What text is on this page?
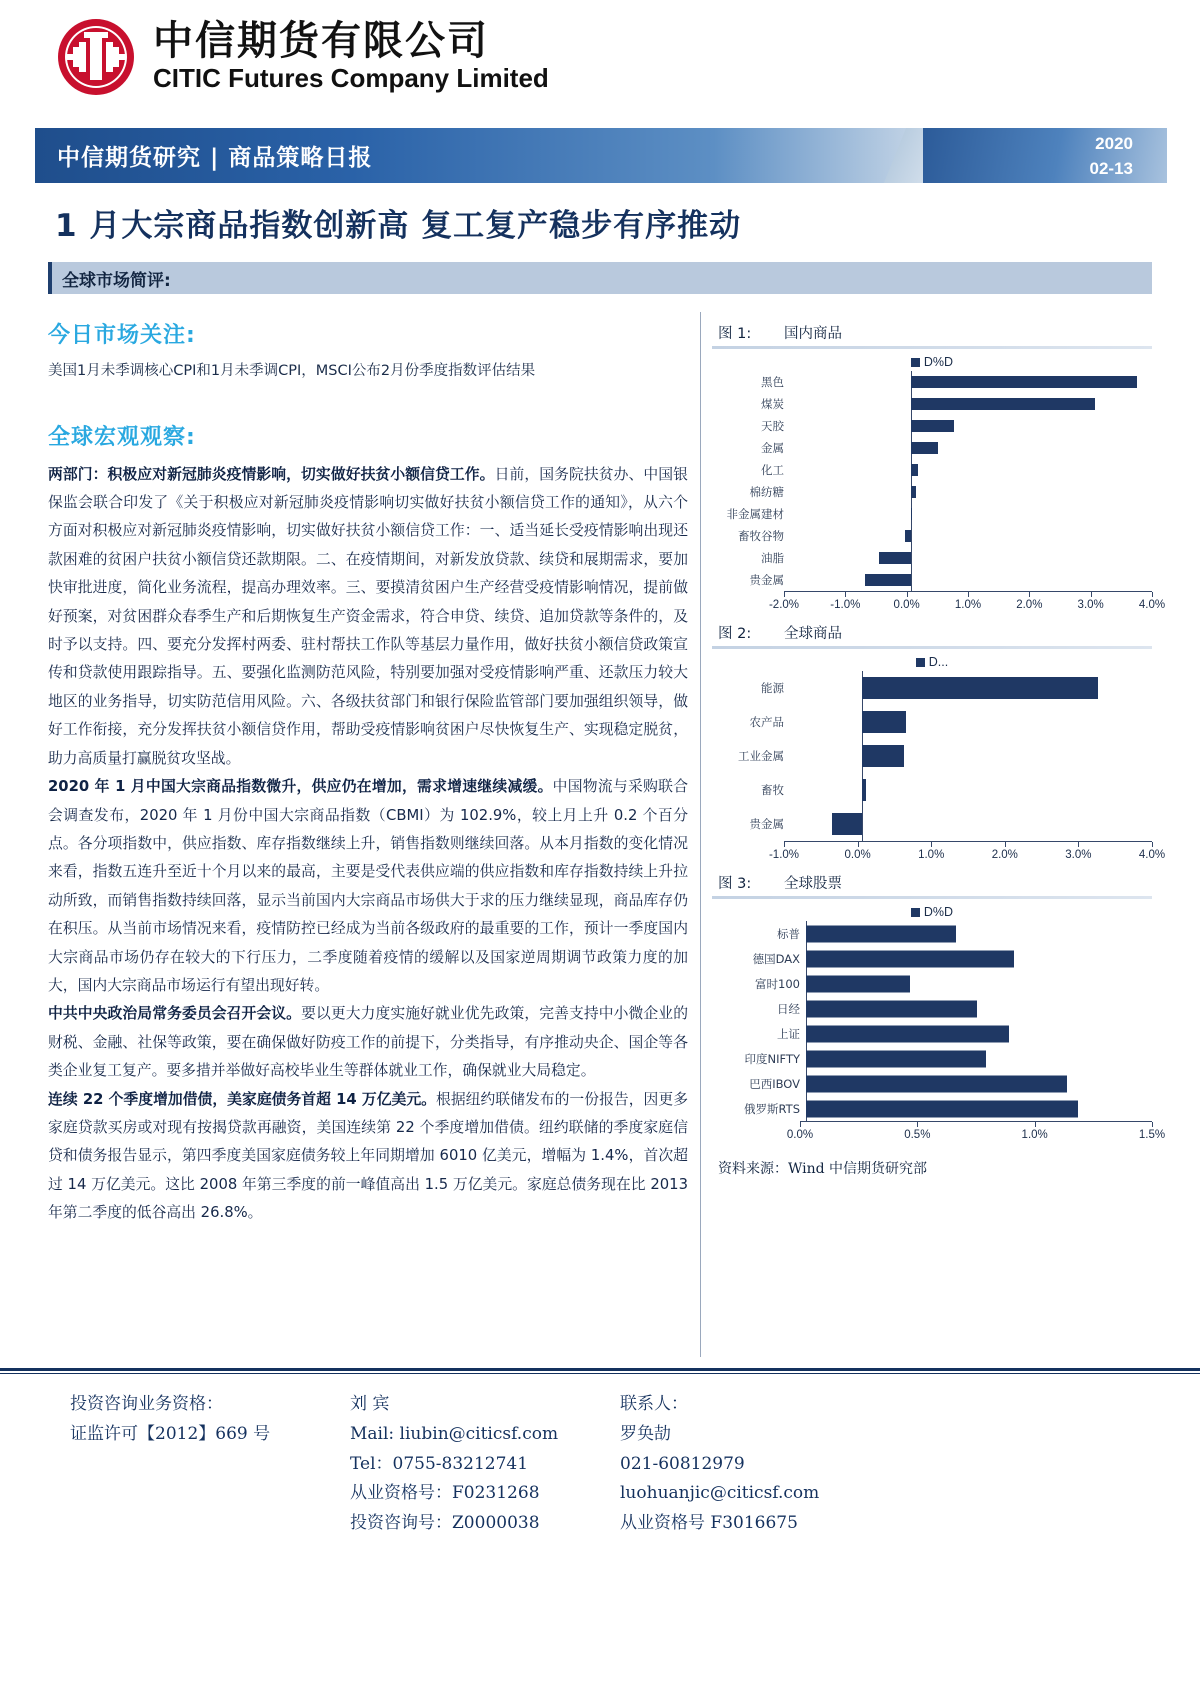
中信期货有限公司
CITIC Futures Company Limited
中信期货研究 | 商品策略日报
2020
02-13
1 月大宗商品指数创新高 复工复产稳步有序推动
全球市场简评:
今日市场关注:
美国1月未季调核心CPI和1月未季调CPI，MSCI公布2月份季度指数评估结果
全球宏观观察:

两部门：积极应对新冠肺炎疫情影响，切实做好扶贫小额信贷工作。日前，国务院扶贫办、中国银保监会联合印发了《关于积极应对新冠肺炎疫情影响切实做好扶贫小额信贷工作的通知》，从六个方面对积极应对新冠肺炎疫情影响，切实做好扶贫小额信贷工作：一、适当延长受疫情影响出现还款困难的贫困户扶贫小额信贷还款期限。二、在疫情期间，对新发放贷款、续贷和展期需求，要加快审批进度，简化业务流程，提高办理效率。三、要摸清贫困户生产经营受疫情影响情况，提前做好预案，对贫困群众春季生产和后期恢复生产资金需求，符合申贷、续贷、追加贷款等条件的，及时予以支持。四、要充分发挥村两委、驻村帮扶工作队等基层力量作用，做好扶贫小额信贷政策宣传和贷款使用跟踪指导。五、要强化监测防范风险，特别要加强对受疫情影响严重、还款压力较大地区的业务指导，切实防范信用风险。六、各级扶贫部门和银行保险监管部门要加强组织领导，做好工作衔接，充分发挥扶贫小额信贷作用，帮助受疫情影响贫困户尽快恢复生产、实现稳定脱贫，助力高质量打赢脱贫攻坚战。

2020 年 1 月中国大宗商品指数微升，供应仍在增加，需求增速继续减缓。中国物流与采购联合会调查发布，2020 年 1 月份中国大宗商品指数（CBMI）为 102.9%，较上月上升 0.2 个百分点。各分项指数中，供应指数、库存指数继续上升，销售指数则继续回落。从本月指数的变化情况来看，指数五连升至近十个月以来的最高，主要是受代表供应端的供应指数和库存指数持续上升拉动所致，而销售指数持续回落，显示当前国内大宗商品市场供大于求的压力继续显现，商品库存仍在积压。从当前市场情况来看，疫情防控已经成为当前各级政府的最重要的工作，预计一季度国内大宗商品市场仍存在较大的下行压力，二季度随着疫情的缓解以及国家逆周期调节政策力度的加大，国内大宗商品市场运行有望出现好转。

中共中央政治局常务委员会召开会议。要以更大力度实施好就业优先政策，完善支持中小微企业的财税、金融、社保等政策，要在确保做好防疫工作的前提下，分类指导，有序推动央企、国企等各类企业复工复产。要多措并举做好高校毕业生等群体就业工作，确保就业大局稳定。

连续 22 个季度增加借债，美家庭债务首超 14 万亿美元。根据纽约联储发布的一份报告，因更多家庭贷款买房或对现有按揭贷款再融资，美国连续第 22 个季度增加借债。纽约联储的季度家庭信贷和债务报告显示，第四季度美国家庭债务较上年同期增加 6010 亿美元，增幅为 1.4%，首次超过 14 万亿美元。这比 2008 年第三季度的前一峰值高出 1.5 万亿美元。家庭总债务现在比 2013 年第二季度的低谷高出 26.8%。

图 1:	国内商品
D%D
黑色
煤炭
天胶
金属
化工
棉纺糖
非金属建材
畜牧谷物
油脂
贵金属
-2.0%	-1.0%	0.0%	1.0%	2.0%	3.0%	4.0%
图 2:	全球商品
D...
能源
农产品
工业金属
畜牧
贵金属
-1.0%	0.0%	1.0%	2.0%	3.0%	4.0%
图 3:	全球股票
D%D
标普
德国DAX
富时100
日经
上证
印度NIFTY
巴西IBOV
俄罗斯RTS
0.0%	0.5%	1.0%	1.5%
资料来源：Wind 中信期货研究部
投资咨询业务资格：
证监许可【2012】669 号
刘 宾
Mail: liubin@citicsf.com
Tel：0755-83212741
从业资格号：F0231268
投资咨询号：Z0000038
联系人：
罗奂劼
021-60812979
luohuanjic@citicsf.com
从业资格号 F3016675
